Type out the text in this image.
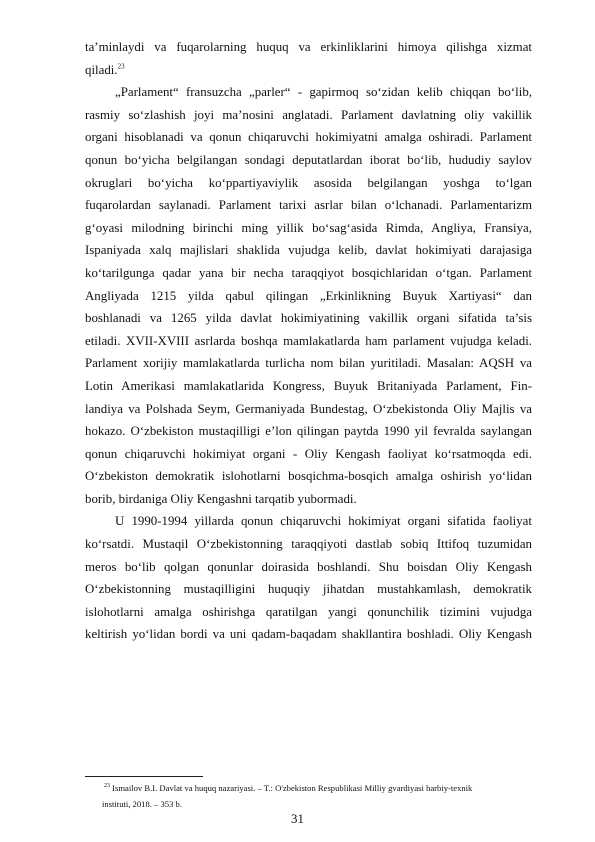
ta’minlaydi va fuqarolarning huquq va erkinliklarini himoya qilishga xizmat
qiladi.$^{23}$
„Parlament“ fransuzcha „parler“ - gapirmoq so‘zidan kelib chiqqan bo‘lib,
rasmiy so‘zlashish joyi ma’nosini anglatadi. Parlament davlatning oliy vakillik
organi hisoblanadi va qonun chiqaruvchi hokimiyatni amalga oshiradi. Parlament
qonun bo‘yicha belgilangan sondagi deputatlardan iborat bo‘lib, hududiy saylov
okruglari bo‘yicha ko‘ppartiyaviylik asosida belgilangan yoshga to‘lgan
fuqarolardan saylanadi. Parlament tarixi asrlar bilan o‘lchanadi. Parlamentarizm
g‘oyasi milodning birinchi ming yillik bo‘sag‘asida Rimda, Angliya, Fransiya,
Ispaniyada xalq majlislari shaklida vujudga kelib, davlat hokimiyati darajasiga
ko‘tarilgunga qadar yana bir necha taraqqiyot bosqichlaridan o‘tgan. Parlament
Angliyada 1215 yilda qabul qilingan „Erkinlikning Buyuk Xartiyasi“ dan
boshlanadi va 1265 yilda davlat hokimiyatining vakillik organi sifatida ta’sis
etiladi. XVII-XVIII asrlarda boshqa mamlakatlarda ham parlament vujudga keladi.
Parlament xorijiy mamlakatlarda turlicha nom bilan yuritiladi. Masalan: AQSH va
Lotin Amerikasi mamlakatlarida Kongress, Buyuk Britaniyada Parlament, Fin-
landiya va Polshada Seym, Germaniyada Bundestag, O‘zbekistonda Oliy Majlis va
hokazo. O‘zbekiston mustaqilligi e’lon qilingan paytda 1990 yil fevralda saylangan
qonun chiqaruvchi hokimiyat organi - Oliy Kengash faoliyat ko‘rsatmoqda edi.
O‘zbekiston demokratik islohotlarni bosqichma-bosqich amalga oshirish yo‘lidan
borib, birdaniga Oliy Kengashni tarqatib yubormadi.
U 1990-1994 yillarda qonun chiqaruvchi hokimiyat organi sifatida faoliyat
ko‘rsatdi. Mustaqil O‘zbekistonning taraqqiyoti dastlab sobiq Ittifoq tuzumidan
meros bo‘lib qolgan qonunlar doirasida boshlandi. Shu boisdan Oliy Kengash
O‘zbekistonning mustaqilligini huquqiy jihatdan mustahkamlash, demokratik
islohotlarni amalga oshirishga qaratilgan yangi qonunchilik tizimini vujudga
keltirish yo‘lidan bordi va uni qadam-baqadam shakllantira boshladi. Oliy Kengash
$^{23}$ Ismailov B.I. Davlat va huquq nazariyasi. – T.: O'zbekiston Respublikasi Milliy gvardiyasi harbiy-texnik
instituti, 2018. – 353 b.
31
